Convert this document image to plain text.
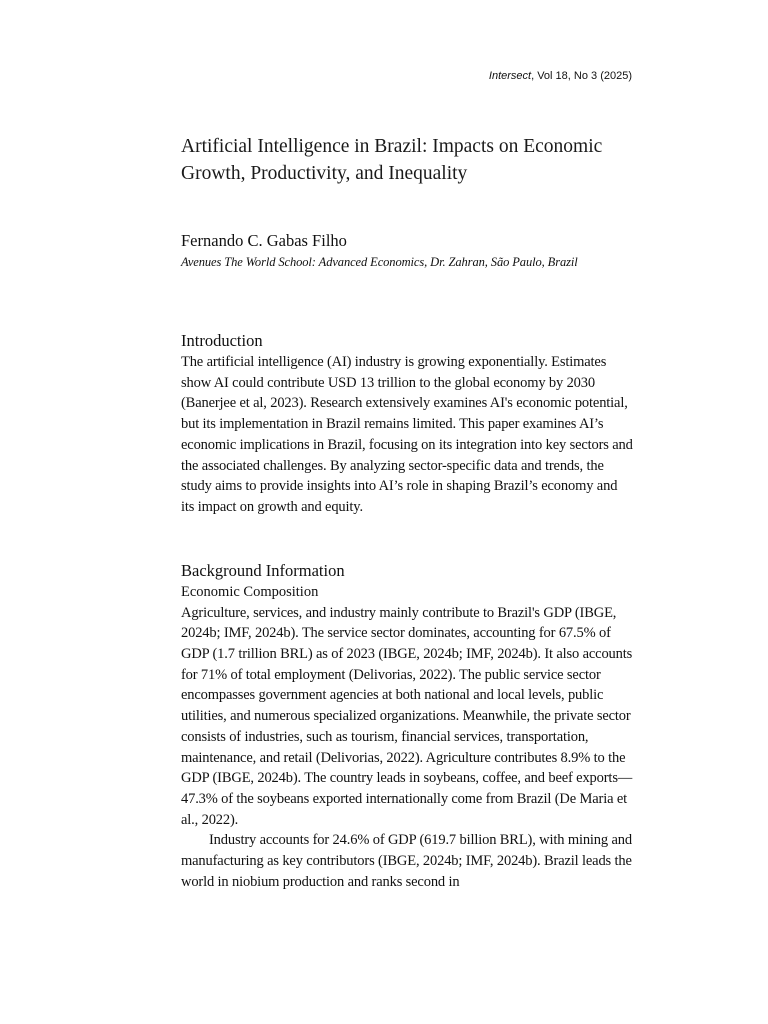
Intersect, Vol 18, No 3 (2025)
Artificial Intelligence in Brazil: Impacts on Economic Growth, Productivity, and Inequality
Fernando C. Gabas Filho
Avenues The World School: Advanced Economics, Dr. Zahran, São Paulo, Brazil
Introduction

The artificial intelligence (AI) industry is growing exponentially. Estimates show AI could contribute USD 13 trillion to the global economy by 2030 (Banerjee et al, 2023). Research extensively examines AI's economic potential, but its implementation in Brazil remains limited. This paper examines AI’s economic implications in Brazil, focusing on its integration into key sectors and the associated challenges. By analyzing sector-specific data and trends, the study aims to provide insights into AI’s role in shaping Brazil’s economy and its impact on growth and equity.

Background Information
Economic Composition

Agriculture, services, and industry mainly contribute to Brazil's GDP (IBGE, 2024b; IMF, 2024b). The service sector dominates, accounting for 67.5% of GDP (1.7 trillion BRL) as of 2023 (IBGE, 2024b; IMF, 2024b). It also accounts for 71% of total employment (Delivorias, 2022). The public service sector encompasses government agencies at both national and local levels, public utilities, and numerous specialized organizations. Meanwhile, the private sector consists of industries, such as tourism, financial services, transportation, maintenance, and retail (Delivorias, 2022). Agriculture contributes 8.9% to the GDP (IBGE, 2024b). The country leads in soybeans, coffee, and beef exports—47.3% of the soybeans exported internationally come from Brazil (De Maria et al., 2022).

Industry accounts for 24.6% of GDP (619.7 billion BRL), with mining and manufacturing as key contributors (IBGE, 2024b; IMF, 2024b). Brazil leads the world in niobium production and ranks second in
